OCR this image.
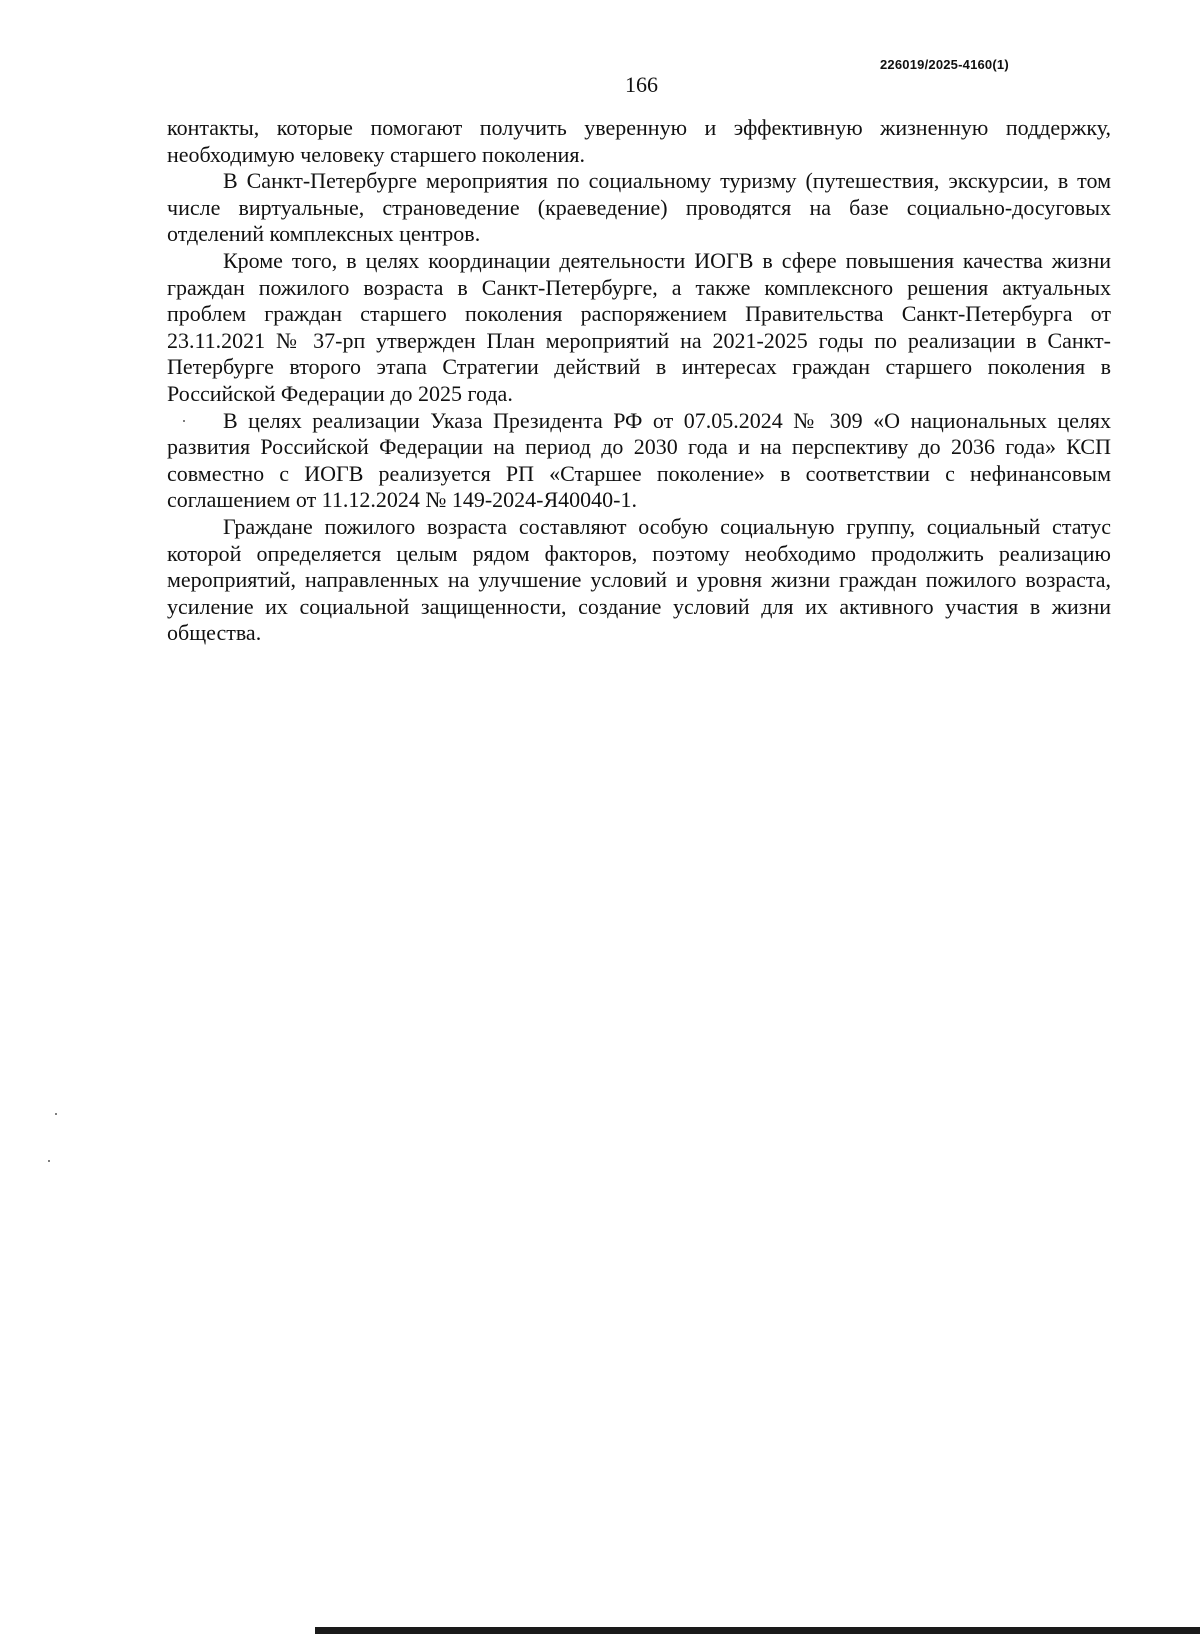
226019/2025-4160(1)
166

контакты, которые помогают получить уверенную и эффективную жизненную поддержку, необходимую человеку старшего поколения.

В Санкт-Петербурге мероприятия по социальному туризму (путешествия, экскурсии, в том числе виртуальные, страноведение (краеведение) проводятся на базе социально-досуговых отделений комплексных центров.

Кроме того, в целях координации деятельности ИОГВ в сфере повышения качества жизни граждан пожилого возраста в Санкт-Петербурге, а также комплексного решения актуальных проблем граждан старшего поколения распоряжением Правительства Санкт-Петербурга от 23.11.2021 № 37-рп утвержден План мероприятий на 2021-2025 годы по реализации в Санкт-Петербурге второго этапа Стратегии действий в интересах граждан старшего поколения в Российской Федерации до 2025 года.

В целях реализации Указа Президента РФ от 07.05.2024 № 309 «О национальных целях развития Российской Федерации на период до 2030 года и на перспективу до 2036 года» КСП совместно с ИОГВ реализуется РП «Старшее поколение» в соответствии с нефинансовым соглашением от 11.12.2024 № 149-2024-Я40040-1.

Граждане пожилого возраста составляют особую социальную группу, социальный статус которой определяется целым рядом факторов, поэтому необходимо продолжить реализацию мероприятий, направленных на улучшение условий и уровня жизни граждан пожилого возраста, усиление их социальной защищенности, создание условий для их активного участия в жизни общества.
